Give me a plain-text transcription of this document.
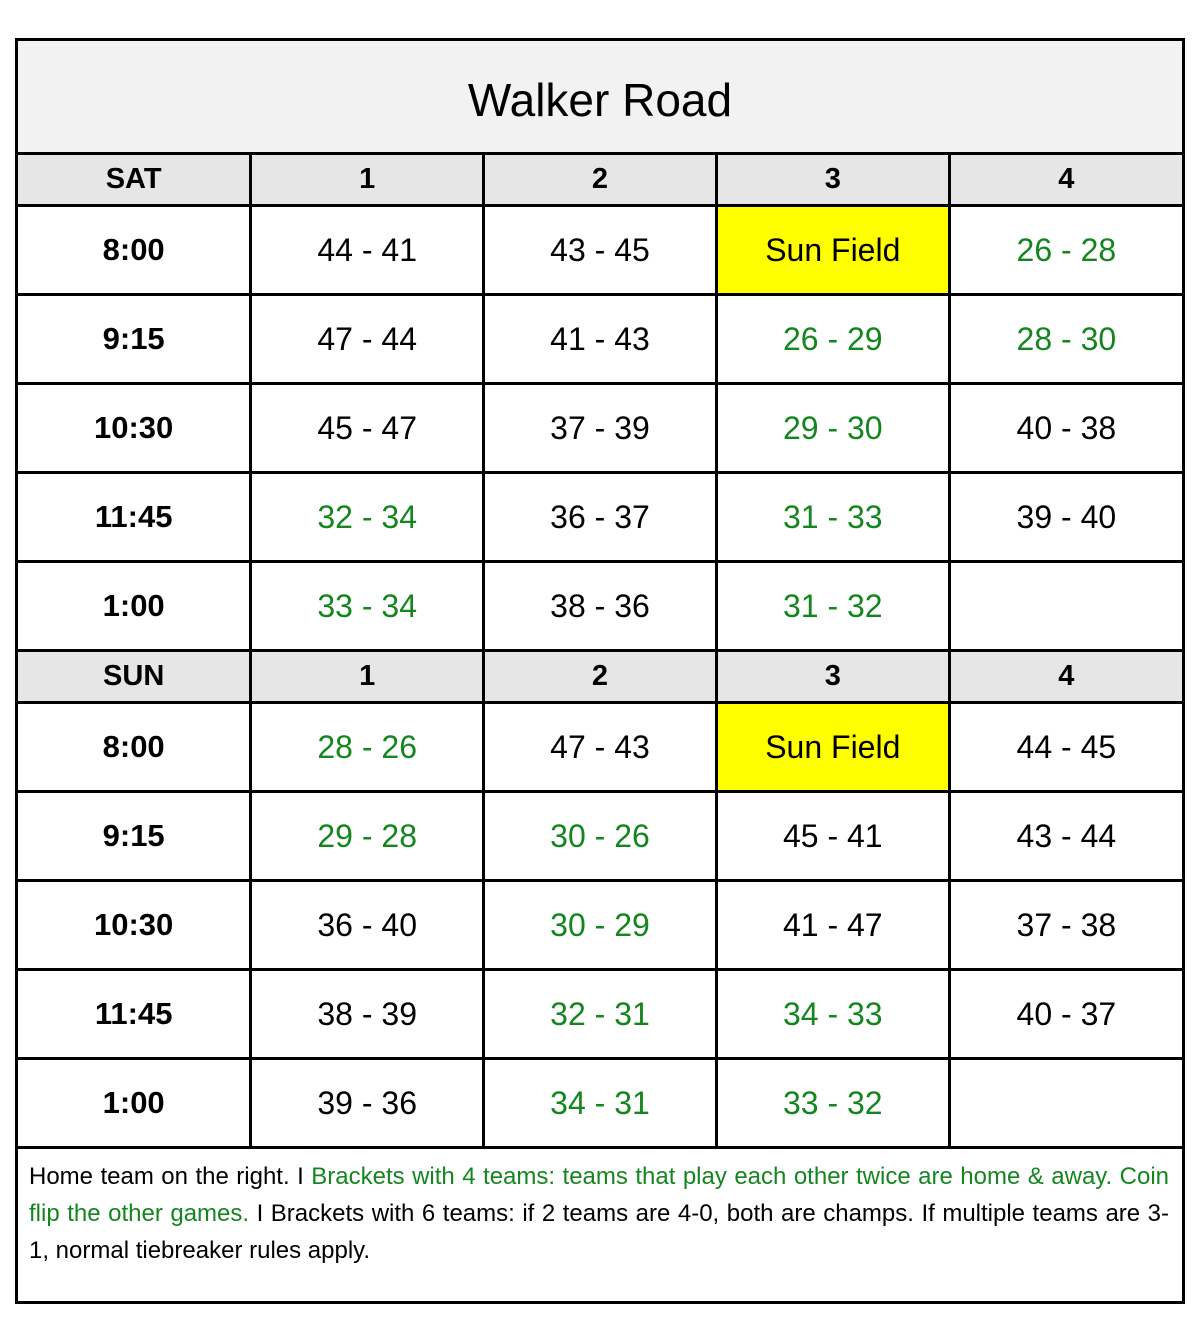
Walker Road
SAT	1	2	3	4
8:00	44 - 41	43 - 45	Sun Field	26 - 28
9:15	47 - 44	41 - 43	26 - 29	28 - 30
10:30	45 - 47	37 - 39	29 - 30	40 - 38
11:45	32 - 34	36 - 37	31 - 33	39 - 40
1:00	33 - 34	38 - 36	31 - 32	
SUN	1	2	3	4
8:00	28 - 26	47 - 43	Sun Field	44 - 45
9:15	29 - 28	30 - 26	45 - 41	43 - 44
10:30	36 - 40	30 - 29	41 - 47	37 - 38
11:45	38 - 39	32 - 31	34 - 33	40 - 37
1:00	39 - 36	34 - 31	33 - 32	
Home team on the right. I Brackets with 4 teams: teams that play each other twice are home & away. Coin flip the other games. I Brackets with 6 teams: if 2 teams are 4-0, both are champs. If multiple teams are 3-1, normal tiebreaker rules apply.
